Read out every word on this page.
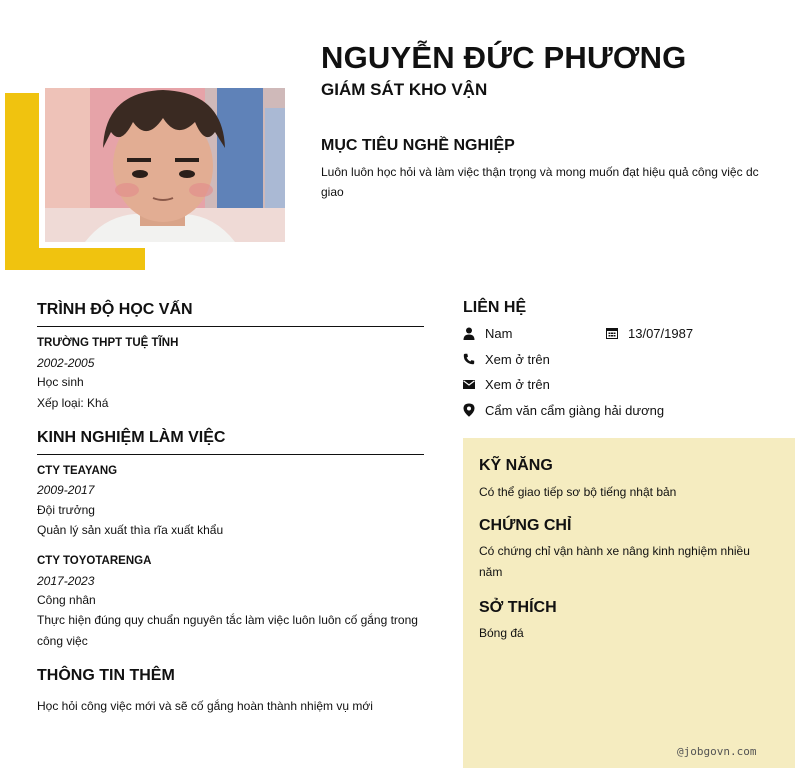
NGUYỄN ĐỨC PHƯƠNG
GIÁM SÁT KHO VẬN
MỤC TIÊU NGHỀ NGHIỆP
Luôn luôn học hỏi và làm việc thận trọng và mong muốn đạt hiệu quả công việc dc giao
TRÌNH ĐỘ HỌC VẤN
TRƯỜNG THPT TUỆ TĨNH
2002-2005
Học sinh
Xếp loại: Khá
KINH NGHIỆM LÀM VIỆC
CTY TEAYANG
2009-2017
Đội trưởng
Quản lý sản xuất thìa rĩa xuất khẩu
CTY TOYOTARENGA
2017-2023
Công nhân
Thực hiện đúng quy chuẩn nguyên tắc làm việc luôn luôn cố gắng trong công việc
THÔNG TIN THÊM
Học hỏi công việc mới và sẽ cố gắng hoàn thành nhiệm vụ mới
LIÊN HỆ
Nam	13/07/1987
Xem ở trên
Xem ở trên
Cẩm văn cẩm giàng hải dương
KỸ NĂNG
Có thể giao tiếp sơ bộ tiếng nhật bản
CHỨNG CHỈ
Có chứng chỉ vận hành xe nâng kinh nghiệm nhiều năm
SỞ THÍCH
Bóng đá
@jobgovn.com
